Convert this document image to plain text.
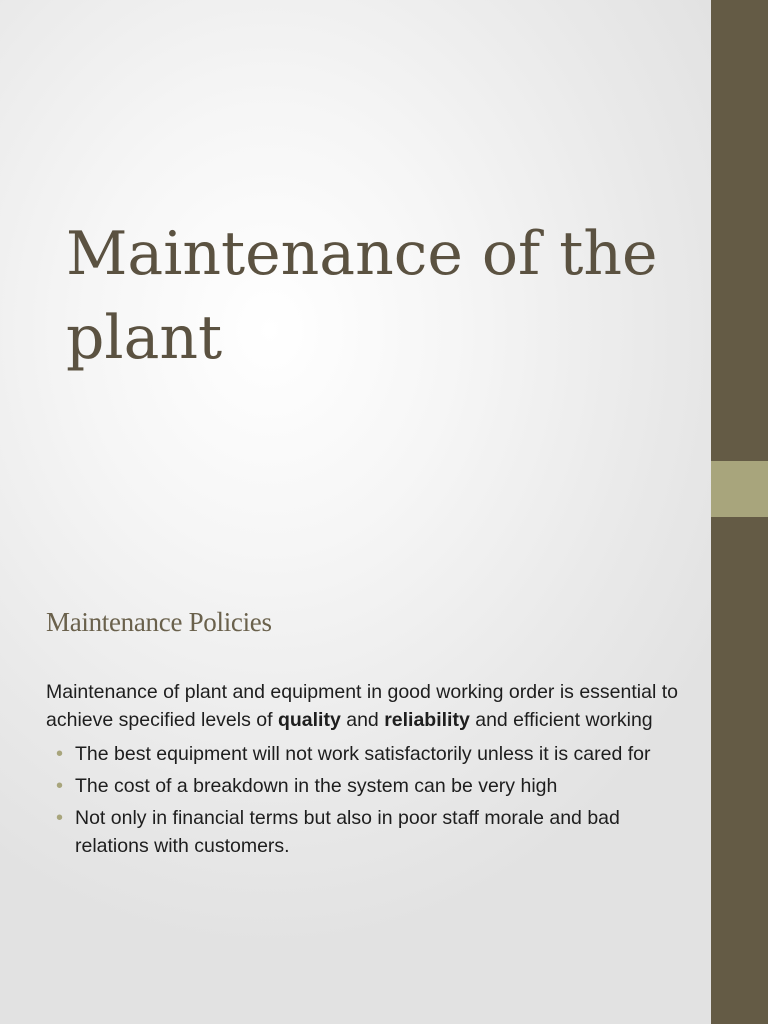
Maintenance of the plant
Maintenance Policies

Maintenance of plant and equipment in good working order is essential to achieve specified levels of quality and reliability and efficient working

• The best equipment will not work satisfactorily unless it is cared for
• The cost of a breakdown in the system can be very high
• Not only in financial terms but also in poor staff morale and bad relations with customers.
